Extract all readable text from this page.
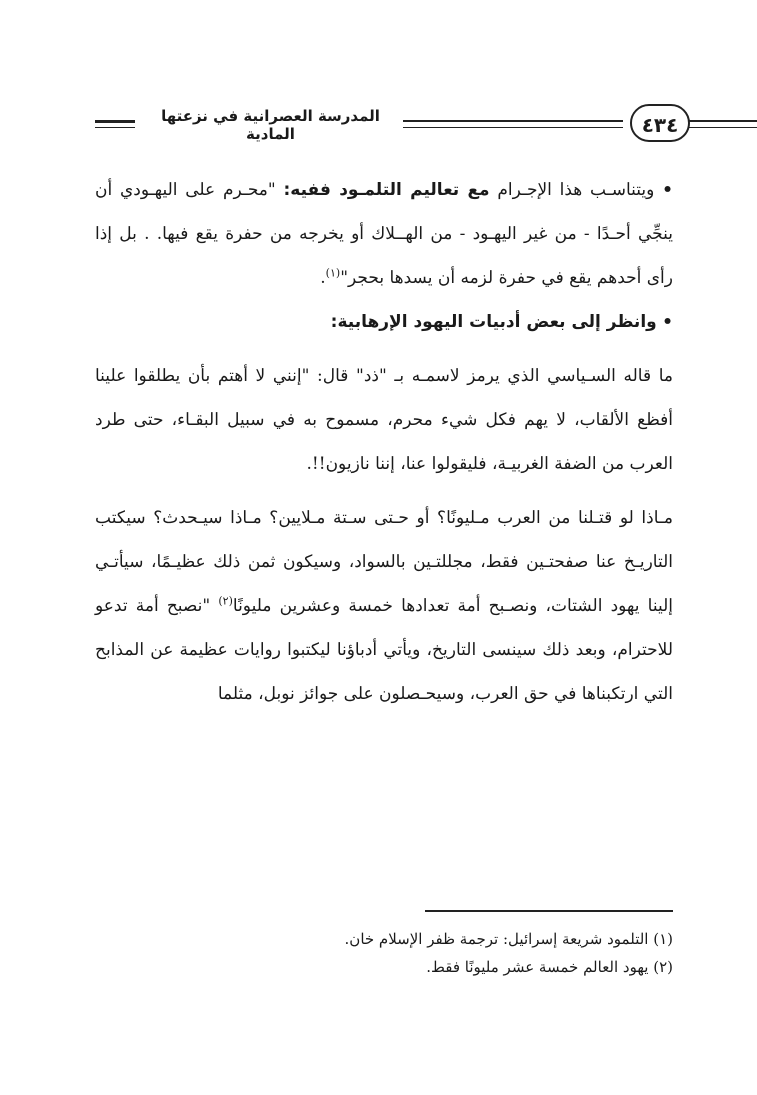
المدرسة العصرانية في نزعتها المادية	٤٣٤

• ويتناسـب هذا الإجـرام مع تعاليم التلمـود ففيه: "محـرم على اليهـودي أن ينجِّي أحـدًا - من غير اليهـود - من الهــلاك أو يخرجه من حفرة يقع فيها. . بل إذا رأى أحدهم يقع في حفرة لزمه أن يسدها بحجر"$^{(١)}$.

• وانظر إلى بعض أدبيات اليهود الإرهابية:

ما قاله السـياسي الذي يرمز لاسمـه بـ "ذد" قال: "إنني لا أهتم بأن يطلقوا علينا أفظع الألقاب، لا يهم فكل شيء محرم، مسموح به في سبيل البقـاء، حتى طرد العرب من الضفة الغربيـة، فليقولوا عنا، إننا نازيون!!.

مـاذا لو قتـلنا من العرب مـليونًا؟ أو حـتى سـتة مـلايين؟ مـاذا سيـحدث؟ سيكتب التاريـخ عنا صفحتـين فقط، مجللتـين بالسواد، وسيكون ثمن ذلك عظيـمًا، سيأتـي إلينا يهود الشتات، ونصـبح أمة تعدادها خمسة وعشرين مليونًا$^{(٢)}$ "نصبح أمة تدعو للاحترام، وبعد ذلك سينسى التاريخ، ويأتي أدباؤنا ليكتبوا روايات عظيمة عن المذابح التي ارتكبناها في حق العرب، وسيحـصلون على جوائز نوبل، مثلما

(١) التلمود شريعة إسرائيل: ترجمة ظفر الإسلام خان.

(٢) يهود العالم خمسة عشر مليونًا فقط.
